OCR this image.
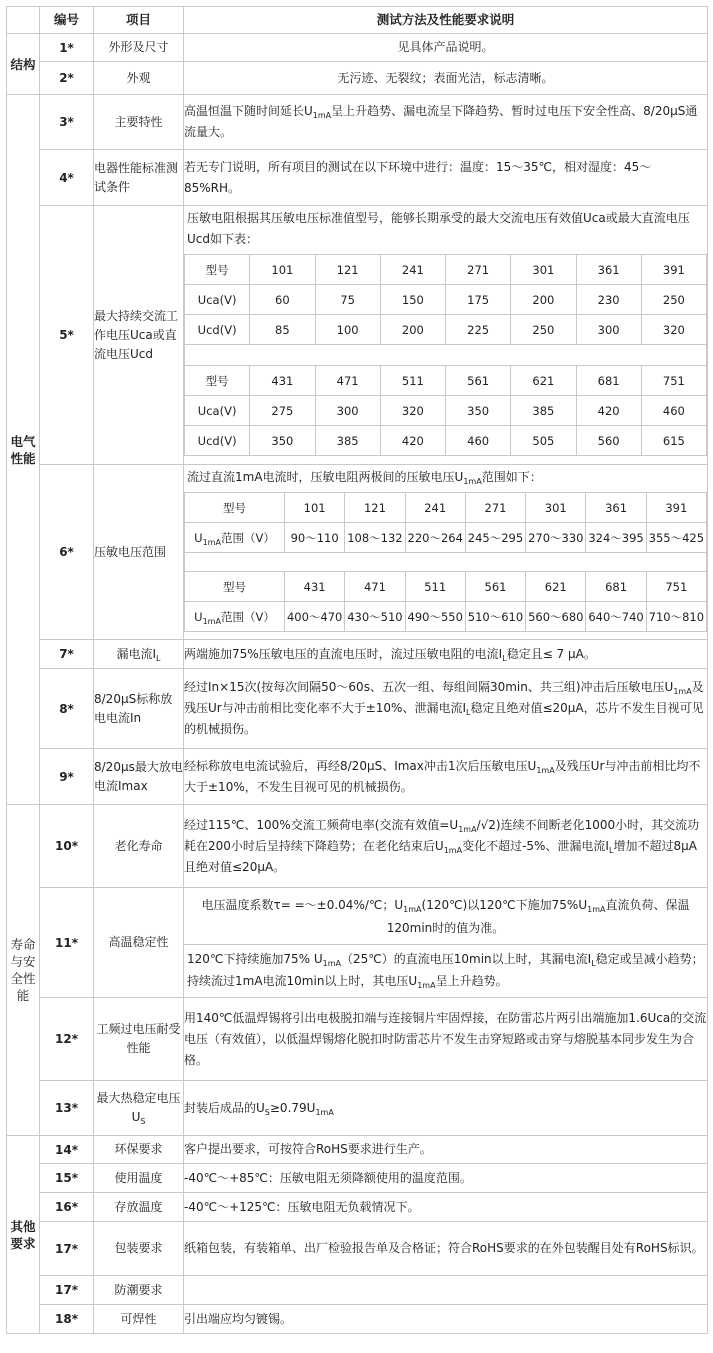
	编号	项目	测试方法及性能要求说明
结构	1*	外形及尺寸	见具体产品说明。
2*	外观	无污迹、无裂纹；表面光洁，标志清晰。
电气性能	3*	主要特性	高温恒温下随时间延长$U_{1mA}$呈上升趋势、漏电流呈下降趋势、暂时过电压下安全性高、8/20μS通流量大。
4*	电器性能标准测试条件	若无专门说明，所有项目的测试在以下环境中进行：温度：15～35℃，相对湿度：45～85%RH。
5*	最大持续交流工作电压Uca或直流电压Ucd	
压敏电阻根据其压敏电压标准值型号，能够长期承受的最大交流电压有效值Uca或最大直流电压Ucd如下表：
型号	101	121	241	271	301	361	391
Uca(V)	60	75	150	175	200	230	250
Ucd(V)	85	100	200	225	250	300	320
型号	431	471	511	561	621	681	751
Uca(V)	275	300	320	350	385	420	460
Ucd(V)	350	385	420	460	505	560	615

6*	压敏电压范围	
流过直流1mA电流时，压敏电阻两极间的压敏电压$U_{1mA}$范围如下：
型号	101	121	241	271	301	361	391
$U_{1mA}$范围（V）	90～110	108～132	220～264	245～295	270～330	324～395	355～425
型号	431	471	511	561	621	681	751
$U_{1mA}$范围（V）	400～470	430～510	490～550	510～610	560～680	640～740	710～810

7*	漏电流$I_L$	两端施加75%压敏电压的直流电压时，流过压敏电阻的电流$I_L$稳定且≤ 7 μA。
8*	8/20μS标称放电电流In	经过In×15次(按每次间隔50～60s、五次一组、每组间隔30min、共三组)冲击后压敏电压$U_{1mA}$及残压Ur与冲击前相比变化率不大于±10%、泄漏电流$I_L$稳定且绝对值≤20μA，芯片不发生目视可见的机械损伤。
9*	8/20μs最大放电电流Imax	经标称放电电流试验后，再经8/20μS、Imax冲击1次后压敏电压$U_{1mA}$及残压Ur与冲击前相比均不大于±10%，不发生目视可见的机械损伤。
寿命与安全性能	10*	老化寿命	经过115℃、100%交流工频荷电率(交流有效值$=U_{1mA}/√2$)连续不间断老化1000小时，其交流功耗在200小时后呈持续下降趋势；在老化结束后$U_{1mA}$变化不超过-5%、泄漏电流$I_L$增加不超过8μA且绝对值≤20μA。
11*	高温稳定性	
电压温度系数τ= =～±0.04%/℃；$U_{1mA}(120℃)$以120℃下施加$75\%U_{1mA}$直流负荷、保温120min时的值为准。
120℃下持续施加75% $U_{1mA}(25℃)$的直流电压10min以上时，其漏电流$I_L$稳定或呈减小趋势；持续流过1mA电流10min以上时，其电压$U_{1mA}$呈上升趋势。

12*	工频过电压耐受性能	用140℃低温焊锡将引出电极脱扣端与连接铜片牢固焊接，在防雷芯片两引出端施加1.6Uca的交流电压（有效值），以低温焊锡熔化脱扣时防雷芯片不发生击穿短路或击穿与熔脱基本同步发生为合格。
13*	最大热稳定电压$U_S$	封装后成品的$U_S\ge 0.79U_{1mA}$
其他要求	14*	环保要求	客户提出要求，可按符合RoHS要求进行生产。
15*	使用温度	-40℃～+85℃：压敏电阻无须降额使用的温度范围。
16*	存放温度	-40℃～+125℃：压敏电阻无负载情况下。
17*	包装要求	纸箱包装，有装箱单、出厂检验报告单及合格证；符合RoHS要求的在外包装醒目处有RoHS标识。
17*	防潮要求	
18*	可焊性	引出端应均匀镀锡。
